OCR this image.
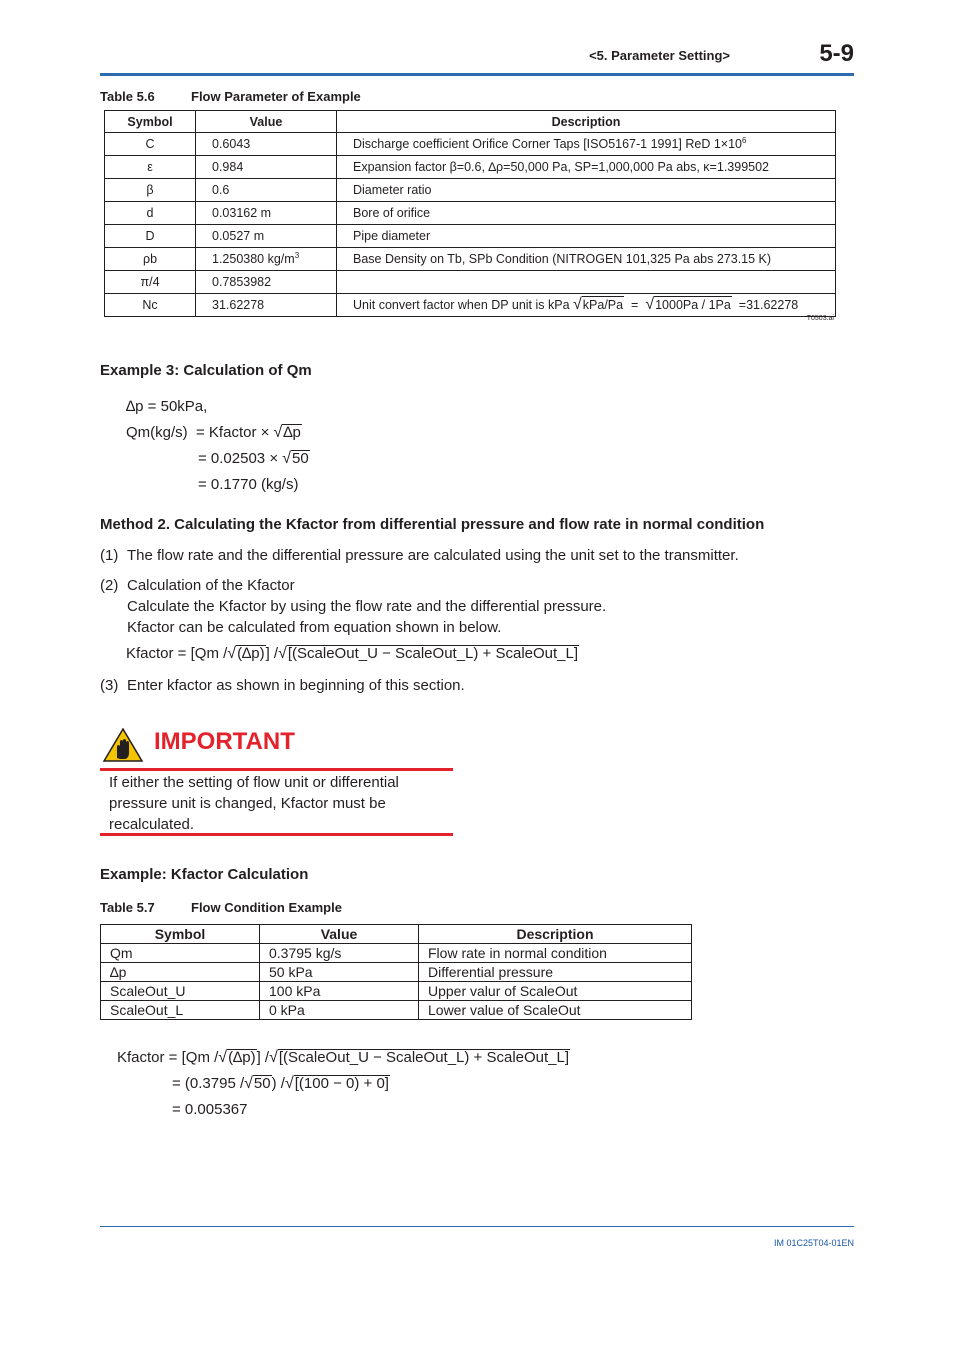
<5. Parameter Setting>	5-9
Table 5.6	Flow Parameter of Example
Symbol	Value	Description
C	0.6043	Discharge coefficient Orifice Corner Taps [ISO5167-1 1991] ReD $1\times 10^6$
ε	0.984	Expansion factor β=0.6, ∆ρ=50,000 Pa, SP=1,000,000 Pa abs, κ=1.399502
β	0.6	Diameter ratio
d	0.03162 m	Bore of orifice
D	0.0527 m	Pipe diameter
ρb	1.250380 $kg/m^3$	Base Density on Tb, SPb Condition (NITROGEN 101,325 Pa abs 273.15 K)
π/4	0.7853982	
Nc	31.62278	Unit convert factor when DP unit is kPa √kPa/Pa  =  √1000Pa / 1Pa  =31.62278
T0503.ai
Example 3: Calculation of Qm
∆p = 50kPa,
Qm(kg/s)  = Kfactor × √∆p
= 0.02503 × √50
= 0.1770 (kg/s)
Method 2. Calculating the Kfactor from differential pressure and flow rate in normal condition
(1) The flow rate and the differential pressure are calculated using the unit set to the transmitter.
(2) Calculation of the Kfactor
Calculate the Kfactor by using the flow rate and the differential pressure.
Kfactor can be calculated from equation shown in below.
Kfactor = [Qm /√(∆p)] /√[(ScaleOut_U − ScaleOut_L) + ScaleOut_L]
(3) Enter kfactor as shown in beginning of this section.
IMPORTANT
If either the setting of flow unit or differential
pressure unit is changed, Kfactor must be
recalculated.
Example: Kfactor Calculation
Table 5.7	Flow Condition Example
Symbol	Value	Description
Qm	0.3795 kg/s	Flow rate in normal condition
∆p	50 kPa	Differential pressure
ScaleOut_U	100 kPa	Upper valur of ScaleOut
ScaleOut_L	0 kPa	Lower value of ScaleOut
Kfactor = [Qm /√(∆p)] /√[(ScaleOut_U − ScaleOut_L) + ScaleOut_L]
= (0.3795 /√50) /√[(100 − 0) + 0]
= 0.005367
IM 01C25T04-01EN
